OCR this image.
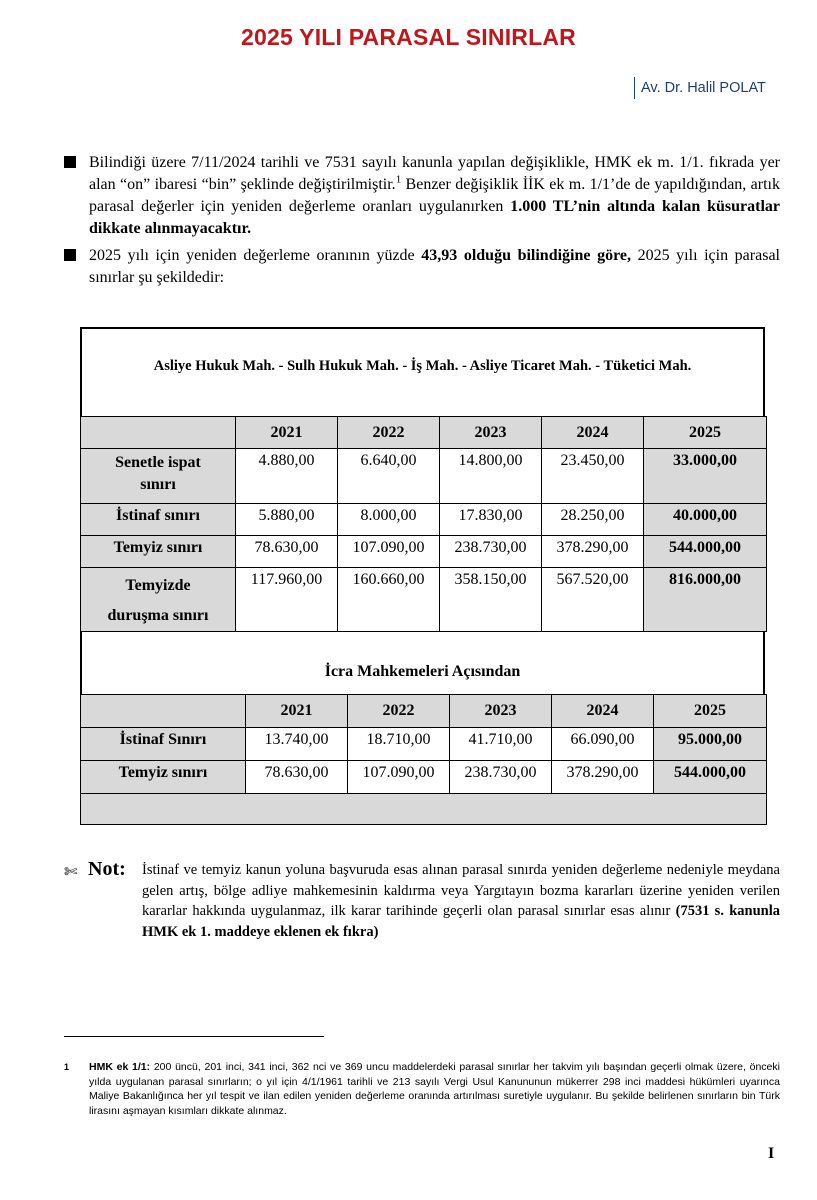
2025 YILI PARASAL SINIRLAR
Av. Dr. Halil POLAT
Bilindiği üzere 7/11/2024 tarihli ve 7531 sayılı kanunla yapılan değişiklikle, HMK ek m. 1/1. fıkrada yer alan “on” ibaresi “bin” şeklinde değiştirilmiştir.$^1$ Benzer değişiklik İİK ek m. 1/1’de de yapıldığından, artık parasal değerler için yeniden değerleme oranları uygulanırken 1.000 TL’nin altında kalan küsuratlar dikkate alınmayacaktır.
2025 yılı için yeniden değerleme oranının yüzde 43,93 olduğu bilindiğine göre, 2025 yılı için parasal sınırlar şu şekildedir:
Asliye Hukuk Mah. - Sulh Hukuk Mah. - İş Mah. - Asliye Ticaret Mah. - Tüketici Mah.
	2021	2022	2023	2024	2025

Senetle ispat
sınırı	4.880,00	6.640,00	14.800,00	23.450,00	33.000,00

İstinaf sınırı	5.880,00	8.000,00	17.830,00	28.250,00	40.000,00

Temyiz sınırı	78.630,00	107.090,00	238.730,00	378.290,00	544.000,00

Temyizde
duruşma sınırı	117.960,00	160.660,00	358.150,00	567.520,00	816.000,00
İcra Mahkemeleri Açısından
	2021	2022	2023	2024	2025
İstinaf Sınırı	13.740,00	18.710,00	41.710,00	66.090,00	95.000,00
Temyiz sınırı	78.630,00	107.090,00	238.730,00	378.290,00	544.000,00

✄ Not: İstinaf ve temyiz kanun yoluna başvuruda esas alınan parasal sınırda yeniden değerleme nedeniyle meydana gelen artış, bölge adliye mahkemesinin kaldırma veya Yargıtayın bozma kararları üzerine yeniden verilen kararlar hakkında uygulanmaz, ilk karar tarihinde geçerli olan parasal sınırlar esas alınır (7531 s. kanunla HMK ek 1. maddeye eklenen ek fıkra)
1 HMK ek 1/1: 200 üncü, 201 inci, 341 inci, 362 nci ve 369 uncu maddelerdeki parasal sınırlar her takvim yılı başından geçerli olmak üzere, önceki yılda uygulanan parasal sınırların; o yıl için 4/1/1961 tarihli ve 213 sayılı Vergi Usul Kanununun mükerrer 298 inci maddesi hükümleri uyarınca Maliye Bakanlığınca her yıl tespit ve ilan edilen yeniden değerleme oranında artırılması suretiyle uygulanır. Bu şekilde belirlenen sınırların bin Türk lirasını aşmayan kısımları dikkate alınmaz.
I
